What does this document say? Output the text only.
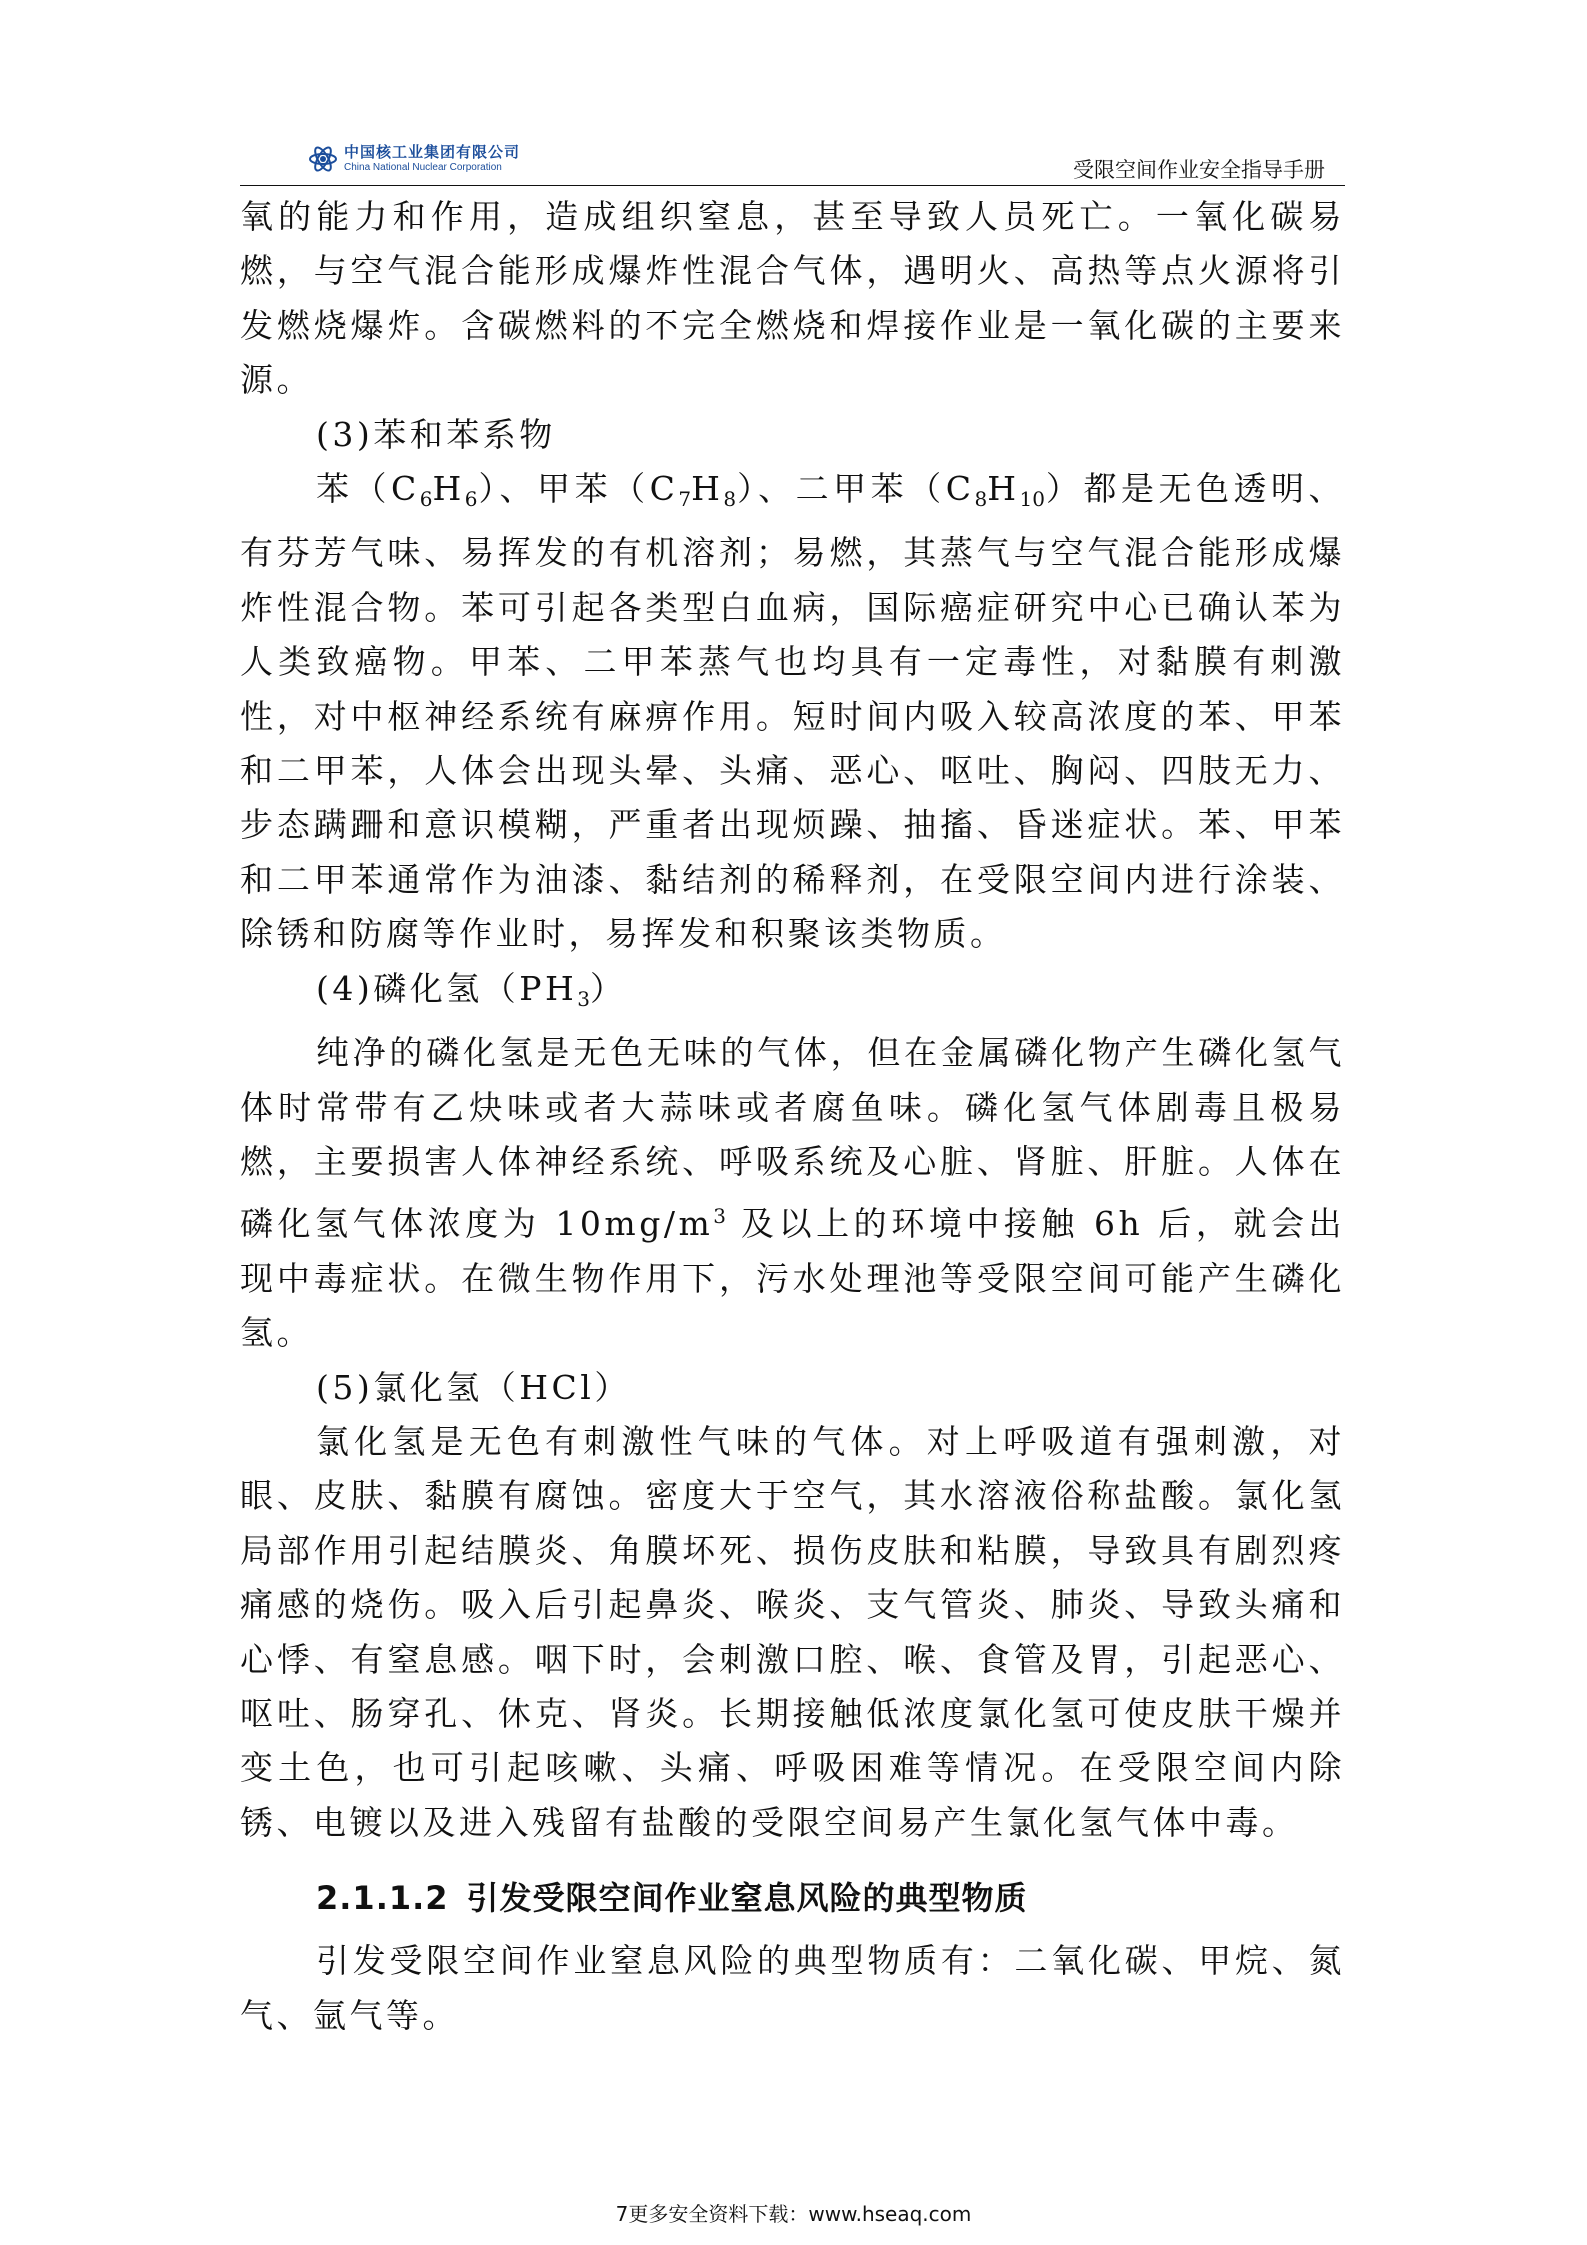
中国核工业集团有限公司
China National Nuclear Corporation	受限空间作业安全指导手册

氧的能力和作用，造成组织窒息，甚至导致人员死亡。一氧化碳易燃，与空气混合能形成爆炸性混合气体，遇明火、高热等点火源将引发燃烧爆炸。含碳燃料的不完全燃烧和焊接作业是一氧化碳的主要来源。

(3)苯和苯系物

苯$(C_6H_6)$、甲苯$(C_7H_8)$、二甲苯$(C_8H_{10})$都是无色透明、有芬芳气味、易挥发的有机溶剂；易燃，其蒸气与空气混合能形成爆炸性混合物。苯可引起各类型白血病，国际癌症研究中心已确认苯为人类致癌物。甲苯、二甲苯蒸气也均具有一定毒性，对黏膜有刺激性，对中枢神经系统有麻痹作用。短时间内吸入较高浓度的苯、甲苯和二甲苯，人体会出现头晕、头痛、恶心、呕吐、胸闷、四肢无力、步态蹒跚和意识模糊，严重者出现烦躁、抽搐、昏迷症状。苯、甲苯和二甲苯通常作为油漆、黏结剂的稀释剂，在受限空间内进行涂装、除锈和防腐等作业时，易挥发和积聚该类物质。

(4)磷化氢$(PH_3)$

纯净的磷化氢是无色无味的气体，但在金属磷化物产生磷化氢气体时常带有乙炔味或者大蒜味或者腐鱼味。磷化氢气体剧毒且极易燃，主要损害人体神经系统、呼吸系统及心脏、肾脏、肝脏。人体在磷化氢气体浓度为 $10mg/m^3$ 及以上的环境中接触 6h 后，就会出现中毒症状。在微生物作用下，污水处理池等受限空间可能产生磷化氢。

(5)氯化氢（HCl）

氯化氢是无色有刺激性气味的气体。对上呼吸道有强刺激，对眼、皮肤、黏膜有腐蚀。密度大于空气，其水溶液俗称盐酸。氯化氢局部作用引起结膜炎、角膜坏死、损伤皮肤和粘膜，导致具有剧烈疼痛感的烧伤。吸入后引起鼻炎、喉炎、支气管炎、肺炎、导致头痛和心悸、有窒息感。咽下时，会刺激口腔、喉、食管及胃，引起恶心、呕吐、肠穿孔、休克、肾炎。长期接触低浓度氯化氢可使皮肤干燥并变土色，也可引起咳嗽、头痛、呼吸困难等情况。在受限空间内除锈、电镀以及进入残留有盐酸的受限空间易产生氯化氢气体中毒。

2.1.1.2 引发受限空间作业窒息风险的典型物质

引发受限空间作业窒息风险的典型物质有：二氧化碳、甲烷、氮气、氩气等。

7更多安全资料下载：www.hseaq.com
